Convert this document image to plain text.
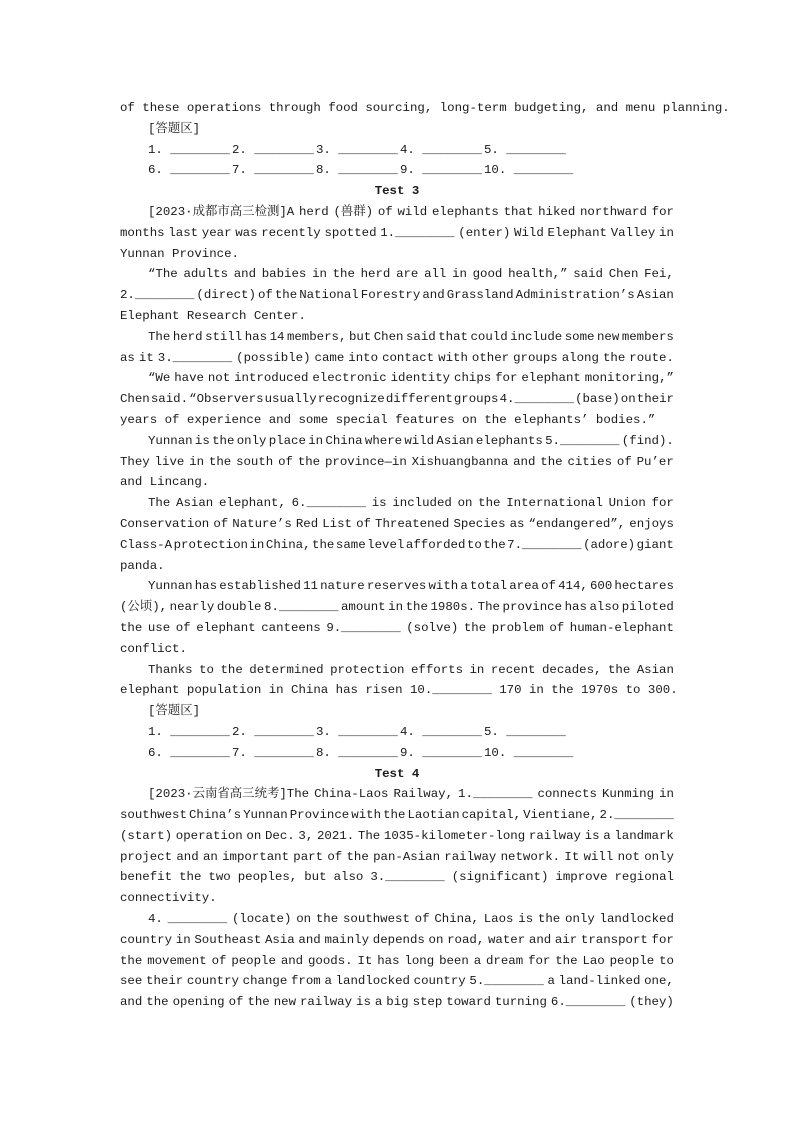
of these operations through food sourcing, long-term budgeting, and menu planning.
[答题区]
1. ________ 2. ________ 3. ________ 4. ________ 5. ________
6. ________ 7. ________ 8. ________ 9. ________ 10. ________
Test 3
[2023·成都市高三检测]A herd (兽群) of wild elephants that hiked northward for
months last year was recently spotted 1.________ (enter) Wild Elephant Valley in
Yunnan Province.
“The adults and babies in the herd are all in good health,” said Chen Fei,
2.________ (direct) of the National Forestry and Grassland Administration’s Asian
Elephant Research Center.
The herd still has 14 members, but Chen said that could include some new members
as it 3.________ (possible) came into contact with other groups along the route.
“We have not introduced electronic identity chips for elephant monitoring,”
Chen said. “Observers usually recognize different groups 4.________ (base) on their
years of experience and some special features on the elephants’ bodies.”
Yunnan is the only place in China where wild Asian elephants 5.________ (find).
They live in the south of the province—in Xishuangbanna and the cities of Pu’er
and Lincang.
The Asian elephant, 6.________ is included on the International Union for
Conservation of Nature’s Red List of Threatened Species as “endangered”, enjoys
Class-A protection in China, the same level afforded to the 7.________ (adore) giant
panda.
Yunnan has established 11 nature reserves with a total area of 414, 600 hectares
(公顷), nearly double 8.________ amount in the 1980s. The province has also piloted
the use of elephant canteens 9.________ (solve) the problem of human-elephant
conflict.
Thanks to the determined protection efforts in recent decades, the Asian
elephant population in China has risen 10.________ 170 in the 1970s to 300.
[答题区]
1. ________ 2. ________ 3. ________ 4. ________ 5. ________
6. ________ 7. ________ 8. ________ 9. ________ 10. ________
Test 4
[2023·云南省高三统考]The China-Laos Railway, 1.________ connects Kunming in
southwest China’s Yunnan Province with the Laotian capital, Vientiane, 2.________
(start) operation on Dec. 3, 2021. The 1035-kilometer-long railway is a landmark
project and an important part of the pan-Asian railway network. It will not only
benefit the two peoples, but also 3.________ (significant) improve regional
connectivity.
4. ________ (locate) on the southwest of China, Laos is the only landlocked
country in Southeast Asia and mainly depends on road, water and air transport for
the movement of people and goods. It has long been a dream for the Lao people to
see their country change from a landlocked country 5.________ a land-linked one,
and the opening of the new railway is a big step toward turning 6.________ (they)
